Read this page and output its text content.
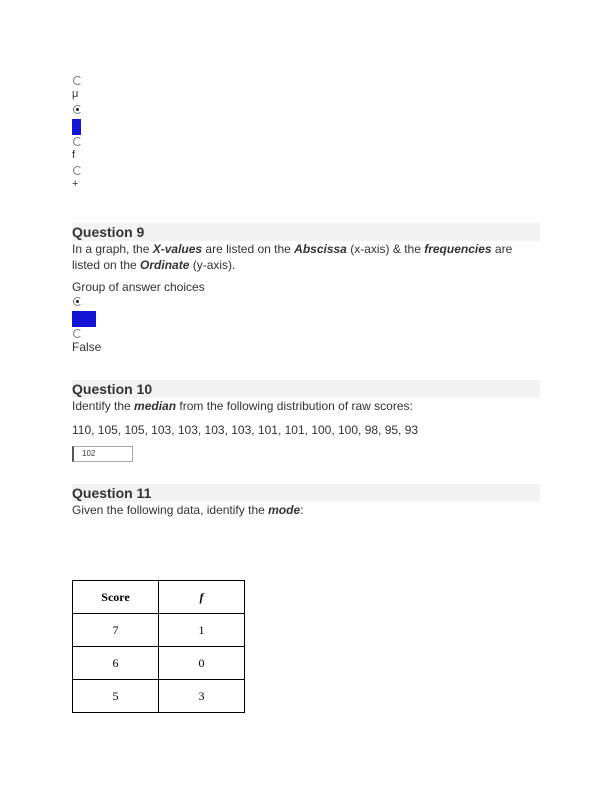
μ
X̄
f
+
Question 9

In a graph, the X-values are listed on the Abscissa (x-axis) & the frequencies are listed on the Ordinate (y-axis).

Group of answer choices

True
False
Question 10

Identify the median from the following distribution of raw scores:

110, 105, 105, 103, 103, 103, 103, 101, 101, 100, 100, 98, 95, 93

102
Question 11

Given the following data, identify the mode:

Score	f
7	1
6	0
5	3
